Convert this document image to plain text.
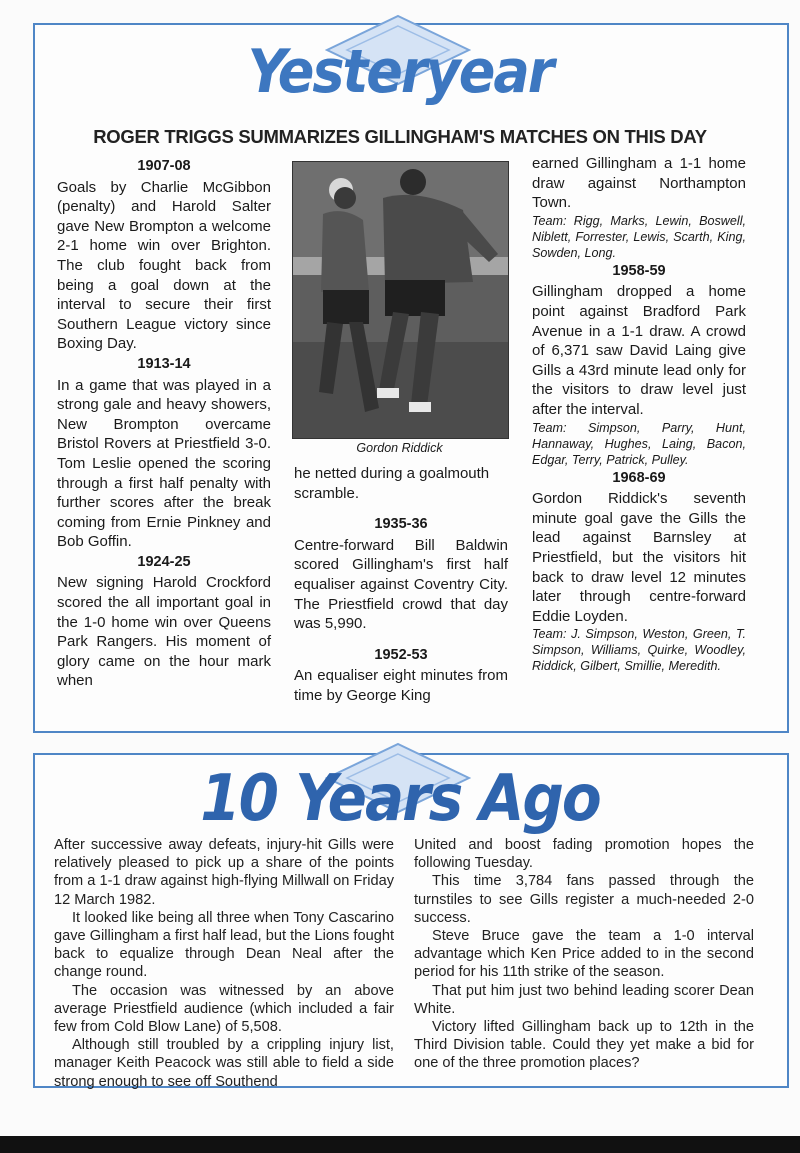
Yesteryear
ROGER TRIGGS SUMMARIZES GILLINGHAM'S MATCHES ON THIS DAY
1907-08

Goals by Charlie McGibbon (penalty) and Harold Salter gave New Brompton a welcome 2-1 home win over Brighton. The club fought back from being a goal down at the interval to secure their first Southern League victory since Boxing Day.

1913-14

In a game that was played in a strong gale and heavy showers, New Brompton overcame Bristol Rovers at Priestfield 3-0. Tom Leslie opened the scoring through a first half penalty with further scores after the break coming from Ernie Pinkney and Bob Goffin.

1924-25

New signing Harold Crockford scored the all important goal in the 1-0 home win over Queens Park Rangers. His moment of glory came on the hour mark when

Gordon Riddick

he netted during a goalmouth scramble.

1935-36

Centre-forward Bill Baldwin scored Gillingham's first half equaliser against Coventry City. The Priestfield crowd that day was 5,990.

1952-53

An equaliser eight minutes from time by George King

earned Gillingham a 1-1 home draw against Northampton Town.

Team: Rigg, Marks, Lewin, Boswell, Niblett, Forrester, Lewis, Scarth, King, Sowden, Long.

1958-59

Gillingham dropped a home point against Bradford Park Avenue in a 1-1 draw. A crowd of 6,371 saw David Laing give Gills a 43rd minute lead only for the visitors to draw level just after the interval.

Team: Simpson, Parry, Hunt, Hannaway, Hughes, Laing, Bacon, Edgar, Terry, Patrick, Pulley.

1968-69

Gordon Riddick's seventh minute goal gave the Gills the lead against Barnsley at Priestfield, but the visitors hit back to draw level 12 minutes later through centre-forward Eddie Loyden.

Team: J. Simpson, Weston, Green, T. Simpson, Williams, Quirke, Woodley, Riddick, Gilbert, Smillie, Meredith.

10 Years Ago

After successive away defeats, injury-hit Gills were relatively pleased to pick up a share of the points from a 1-1 draw against high-flying Millwall on Friday 12 March 1982.

It looked like being all three when Tony Cascarino gave Gillingham a first half lead, but the Lions fought back to equalize through Dean Neal after the change round.

The occasion was witnessed by an above average Priestfield audience (which included a fair few from Cold Blow Lane) of 5,508.

Although still troubled by a crippling injury list, manager Keith Peacock was still able to field a side strong enough to see off Southend

United and boost fading promotion hopes the following Tuesday.

This time 3,784 fans passed through the turnstiles to see Gills register a much-needed 2-0 success.

Steve Bruce gave the team a 1-0 interval advantage which Ken Price added to in the second period for his 11th strike of the season.

That put him just two behind leading scorer Dean White.

Victory lifted Gillingham back up to 12th in the Third Division table. Could they yet make a bid for one of the three promotion places?
